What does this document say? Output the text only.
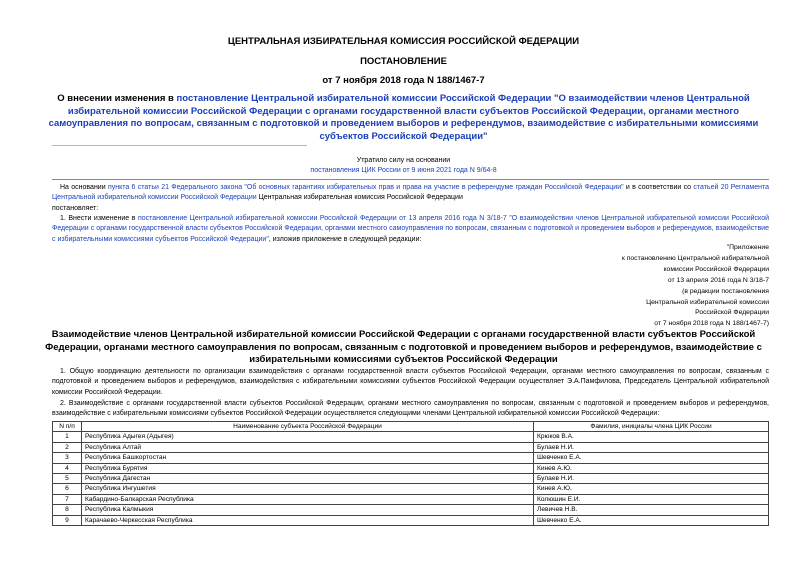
ЦЕНТРАЛЬНАЯ ИЗБИРАТЕЛЬНАЯ КОМИССИЯ РОССИЙСКОЙ ФЕДЕРАЦИИ
ПОСТАНОВЛЕНИЕ
от 7 ноября 2018 года N 188/1467-7
О внесении изменения в постановление Центральной избирательной комиссии Российской Федерации "О взаимодействии членов Центральной избирательной комиссии Российской Федерации с органами государственной власти субъектов Российской Федерации, органами местного самоуправления по вопросам, связанным с подготовкой и проведением выборов и референдумов, взаимодействие с избирательными комиссиями субъектов Российской Федерации"
Утратило силу на основании
постановления ЦИК России от 9 июня 2021 года N 9/64-8
На основании пункта 6 статьи 21 Федерального закона "Об основных гарантиях избирательных прав и права на участие в референдуме граждан Российской Федерации" и в соответствии со статьей 20 Регламента Центральной избирательной комиссии Российской Федерации Центральная избирательная комиссия Российской Федерации
постановляет:
1. Внести изменение в постановление Центральной избирательной комиссии Российской Федерации от 13 апреля 2016 года N 3/18-7 "О взаимодействии членов Центральной избирательной комиссии Российской Федерации с органами государственной власти субъектов Российской Федерации, органами местного самоуправления по вопросам, связанным с подготовкой и проведением выборов и референдумов, взаимодействие с избирательными комиссиями субъектов Российской Федерации", изложив приложение в следующей редакции:
"Приложение
к постановлению Центральной избирательной
комиссии Российской Федерации
от 13 апреля 2016 года N 3/18-7
(в редакции постановления
Центральной избирательной комиссии
Российской Федерации
от 7 ноября 2018 года N 188/1467-7)
Взаимодействие членов Центральной избирательной комиссии Российской Федерации с органами государственной власти субъектов Российской Федерации, органами местного самоуправления по вопросам, связанным с подготовкой и проведением выборов и референдумов, взаимодействие с избирательными комиссиями субъектов Российской Федерации
1. Общую координацию деятельности по организации взаимодействия с органами государственной власти субъектов Российской Федерации, органами местного самоуправления по вопросам, связанным с подготовкой и проведением выборов и референдумов, взаимодействия с избирательными комиссиями субъектов Российской Федерации осуществляет Э.А.Памфилова, Председатель Центральной избирательной комиссии Российской Федерации.
2. Взаимодействие с органами государственной власти субъектов Российской Федерации, органами местного самоуправления по вопросам, связанным с подготовкой и проведением выборов и референдумов, взаимодействие с избирательными комиссиями субъектов Российской Федерации осуществляется следующими членами Центральной избирательной комиссии Российской Федерации:
N п/п	Наименование субъекта Российской Федерации	Фамилия, инициалы члена ЦИК России
1	Республика Адыгея (Адыгея)	Крюков В.А.
2	Республика Алтай	Булаев Н.И.
3	Республика Башкортостан	Шевченко Е.А.
4	Республика Бурятия	Кинев А.Ю.
5	Республика Дагестан	Булаев Н.И.
6	Республика Ингушетия	Кинев А.Ю.
7	Кабардино-Балкарская Республика	Колюшин Е.И.
8	Республика Калмыкия	Левичев Н.В.
9	Карачаево-Черкесская Республика	Шевченко Е.А.
